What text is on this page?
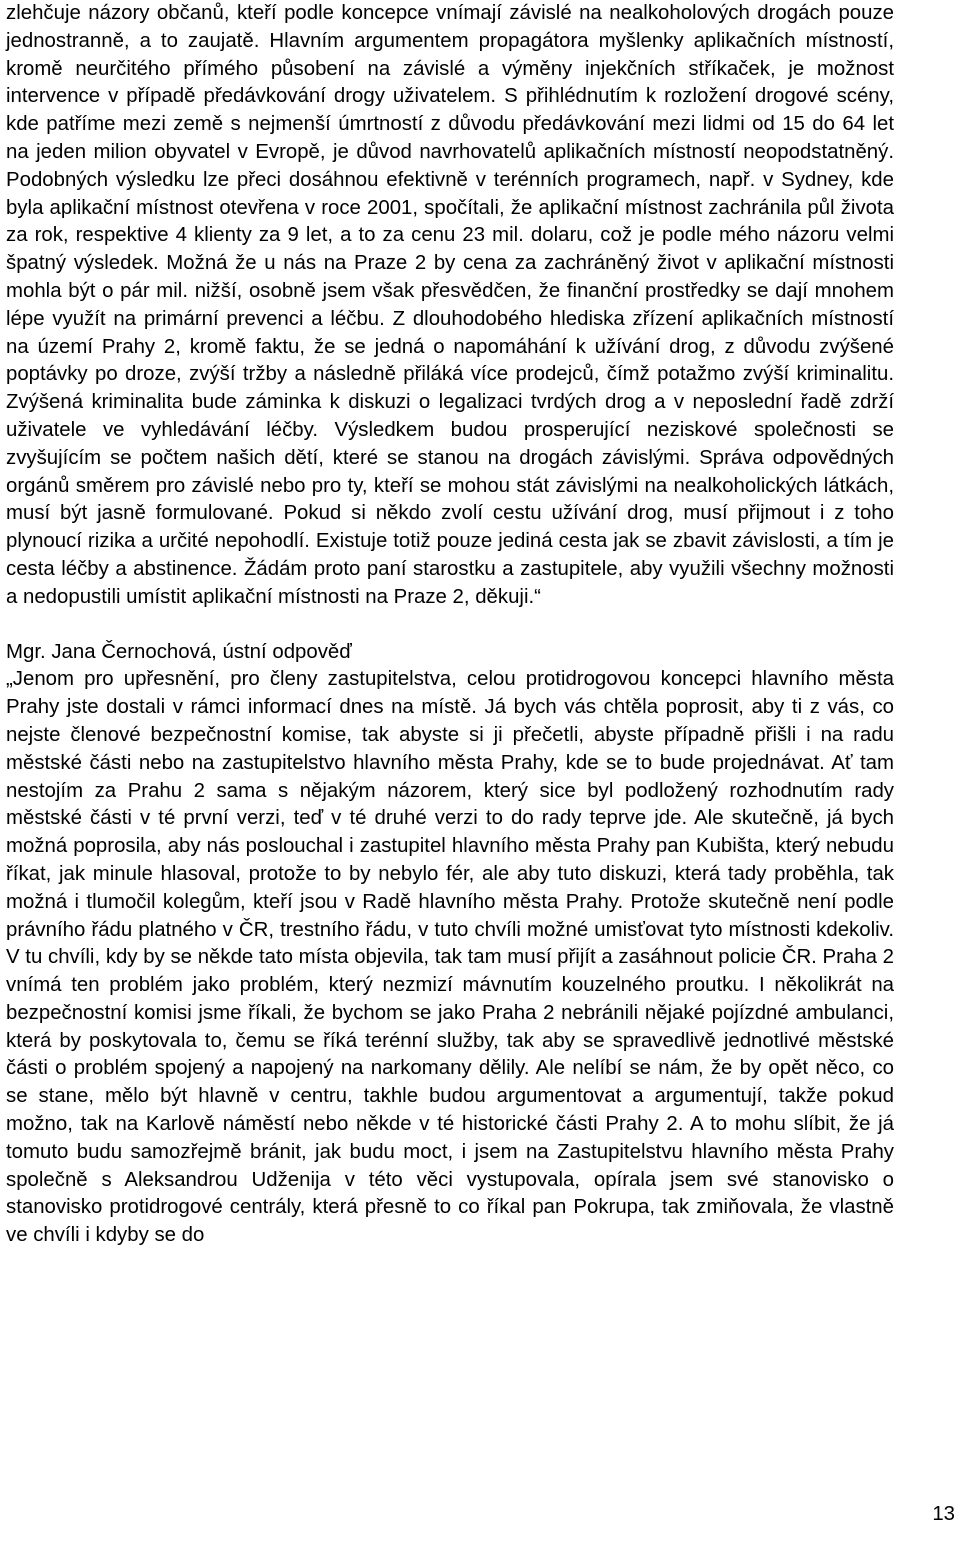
zlehčuje názory občanů, kteří podle koncepce vnímají závislé na nealkoholových drogách pouze jednostranně, a to zaujatě. Hlavním argumentem propagátora myšlenky aplikačních místností, kromě neurčitého přímého působení na závislé a výměny injekčních stříkaček, je možnost intervence v případě předávkování drogy uživatelem. S přihlédnutím k rozložení drogové scény, kde patříme mezi země s nejmenší úmrtností z důvodu předávkování mezi lidmi od 15 do 64 let na jeden milion obyvatel v Evropě, je důvod navrhovatelů aplikačních místností neopodstatněný. Podobných výsledku lze přeci dosáhnou efektivně v terénních programech, např. v Sydney, kde byla aplikační místnost otevřena v roce 2001, spočítali, že aplikační místnost zachránila půl života za rok, respektive 4 klienty za 9 let, a to za cenu 23 mil. dolaru, což je podle mého názoru velmi špatný výsledek. Možná že u nás na Praze 2 by cena za zachráněný život v aplikační místnosti mohla být o pár mil. nižší, osobně jsem však přesvědčen, že finanční prostředky se dají mnohem lépe využít na primární prevenci a léčbu. Z dlouhodobého hlediska zřízení aplikačních místností na území Prahy 2, kromě faktu, že se jedná o napomáhání k užívání drog, z důvodu zvýšené poptávky po droze, zvýší tržby a následně přiláká více prodejců, čímž potažmo zvýší kriminalitu. Zvýšená kriminalita bude záminka k diskuzi o legalizaci tvrdých drog a v neposlední řadě zdrží uživatele ve vyhledávání léčby. Výsledkem budou prosperující neziskové společnosti se zvyšujícím se počtem našich dětí, které se stanou na drogách závislými. Správa odpovědných orgánů směrem pro závislé nebo pro ty, kteří se mohou stát závislými na nealkoholických látkách, musí být jasně formulované. Pokud si někdo zvolí cestu užívání drog, musí přijmout i z toho plynoucí rizika a určité nepohodlí. Existuje totiž pouze jediná cesta jak se zbavit závislosti, a tím je cesta léčby a abstinence. Žádám proto paní starostku a zastupitele, aby využili všechny možnosti a nedopustili umístit aplikační místnosti na Praze 2, děkuji.“

Mgr. Jana Černochová, ústní odpověď

„Jenom pro upřesnění, pro členy zastupitelstva, celou protidrogovou koncepci hlavního města Prahy jste dostali v rámci informací dnes na místě. Já bych vás chtěla poprosit, aby ti z vás, co nejste členové bezpečnostní komise, tak abyste si ji přečetli, abyste případně přišli i na radu městské části nebo na zastupitelstvo hlavního města Prahy, kde se to bude projednávat. Ať tam nestojím za Prahu 2 sama s nějakým názorem, který sice byl podložený rozhodnutím rady městské části v té první verzi, teď v té druhé verzi to do rady teprve jde. Ale skutečně, já bych možná poprosila, aby nás poslouchal i zastupitel hlavního města Prahy pan Kubišta, který nebudu říkat, jak minule hlasoval, protože to by nebylo fér, ale aby tuto diskuzi, která tady proběhla, tak možná i tlumočil kolegům, kteří jsou v Radě hlavního města Prahy. Protože skutečně není podle právního řádu platného v ČR, trestního řádu, v tuto chvíli možné umisťovat tyto místnosti kdekoliv. V tu chvíli, kdy by se někde tato místa objevila, tak tam musí přijít a zasáhnout policie ČR. Praha 2 vnímá ten problém jako problém, který nezmizí mávnutím kouzelného proutku. I několikrát na bezpečnostní komisi jsme říkali, že bychom se jako Praha 2 nebránili nějaké pojízdné ambulanci, která by poskytovala to, čemu se říká terénní služby, tak aby se spravedlivě jednotlivé městské části o problém spojený a napojený na narkomany dělily. Ale nelíbí se nám, že by opět něco, co se stane, mělo být hlavně v centru, takhle budou argumentovat a argumentují, takže pokud možno, tak na Karlově náměstí nebo někde v té historické části Prahy 2. A to mohu slíbit, že já tomuto budu samozřejmě bránit, jak budu moct, i jsem na Zastupitelstvu hlavního města Prahy společně s Aleksandrou Udženija v této věci vystupovala, opírala jsem své stanovisko o stanovisko protidrogové centrály, která přesně to co říkal pan Pokrupa, tak zmiňovala, že vlastně ve chvíli i kdyby se do

13
